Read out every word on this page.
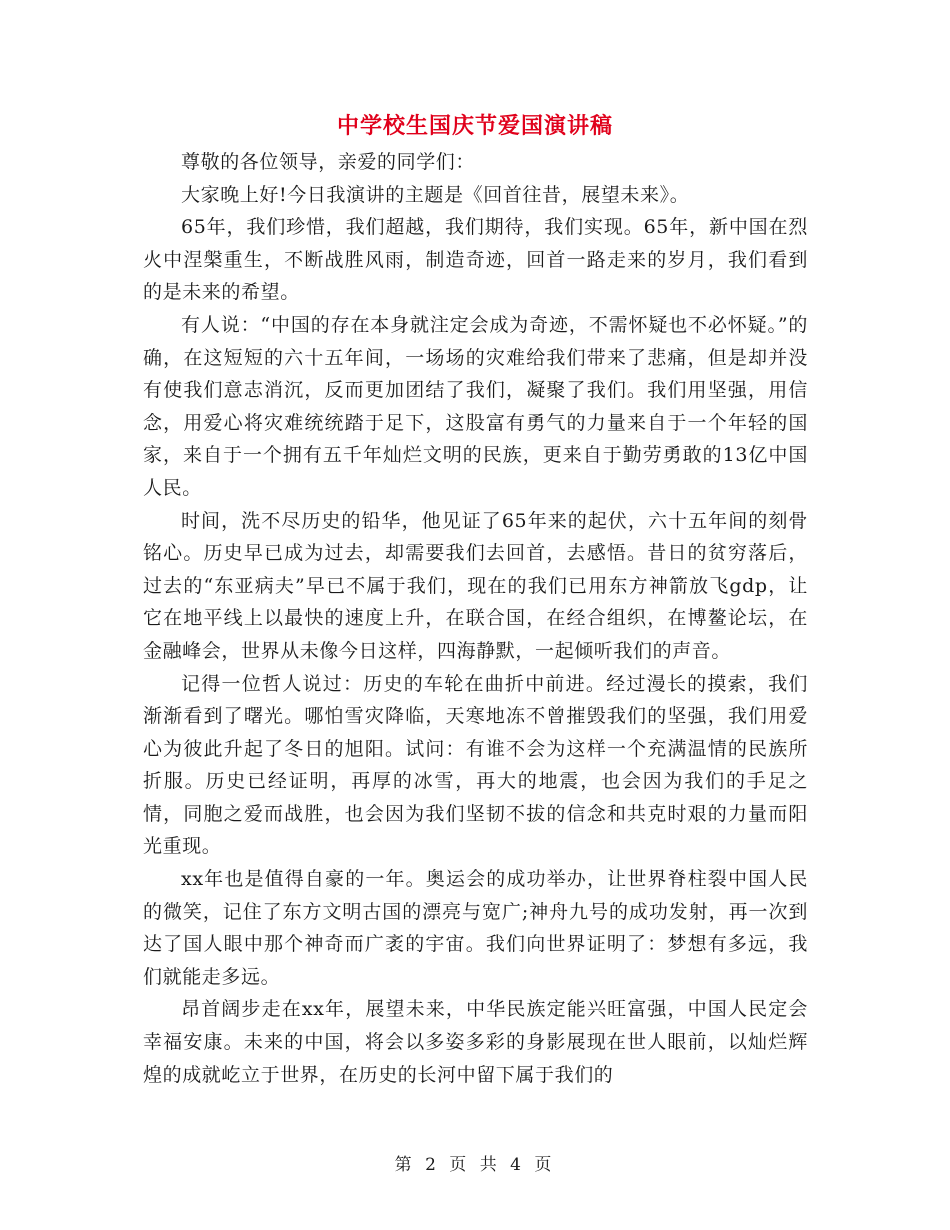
中学校生国庆节爱国演讲稿

尊敬的各位领导，亲爱的同学们：

大家晚上好!今日我演讲的主题是《回首往昔，展望未来》。

65年，我们珍惜，我们超越，我们期待，我们实现。65年，新中国在烈火中涅槃重生，不断战胜风雨，制造奇迹，回首一路走来的岁月，我们看到的是未来的希望。

有人说：“中国的存在本身就注定会成为奇迹，不需怀疑也不必怀疑。”的确，在这短短的六十五年间，一场场的灾难给我们带来了悲痛，但是却并没有使我们意志消沉，反而更加团结了我们，凝聚了我们。我们用坚强，用信念，用爱心将灾难统统踏于足下，这股富有勇气的力量来自于一个年轻的国家，来自于一个拥有五千年灿烂文明的民族，更来自于勤劳勇敢的13亿中国人民。

时间，洗不尽历史的铅华，他见证了65年来的起伏，六十五年间的刻骨铭心。历史早已成为过去，却需要我们去回首，去感悟。昔日的贫穷落后，过去的“东亚病夫”早已不属于我们，现在的我们已用东方神箭放飞gdp，让它在地平线上以最快的速度上升，在联合国，在经合组织，在博鳌论坛，在金融峰会，世界从未像今日这样，四海静默，一起倾听我们的声音。

记得一位哲人说过：历史的车轮在曲折中前进。经过漫长的摸索，我们渐渐看到了曙光。哪怕雪灾降临，天寒地冻不曾摧毁我们的坚强，我们用爱心为彼此升起了冬日的旭阳。试问：有谁不会为这样一个充满温情的民族所折服。历史已经证明，再厚的冰雪，再大的地震，也会因为我们的手足之情，同胞之爱而战胜，也会因为我们坚韧不拔的信念和共克时艰的力量而阳光重现。

xx年也是值得自豪的一年。奥运会的成功举办，让世界脊柱裂中国人民的微笑，记住了东方文明古国的漂亮与宽广;神舟九号的成功发射，再一次到达了国人眼中那个神奇而广袤的宇宙。我们向世界证明了：梦想有多远，我们就能走多远。

昂首阔步走在xx年，展望未来，中华民族定能兴旺富强，中国人民定会幸福安康。未来的中国，将会以多姿多彩的身影展现在世人眼前，以灿烂辉煌的成就屹立于世界，在历史的长河中留下属于我们的

第 2 页 共 4 页
